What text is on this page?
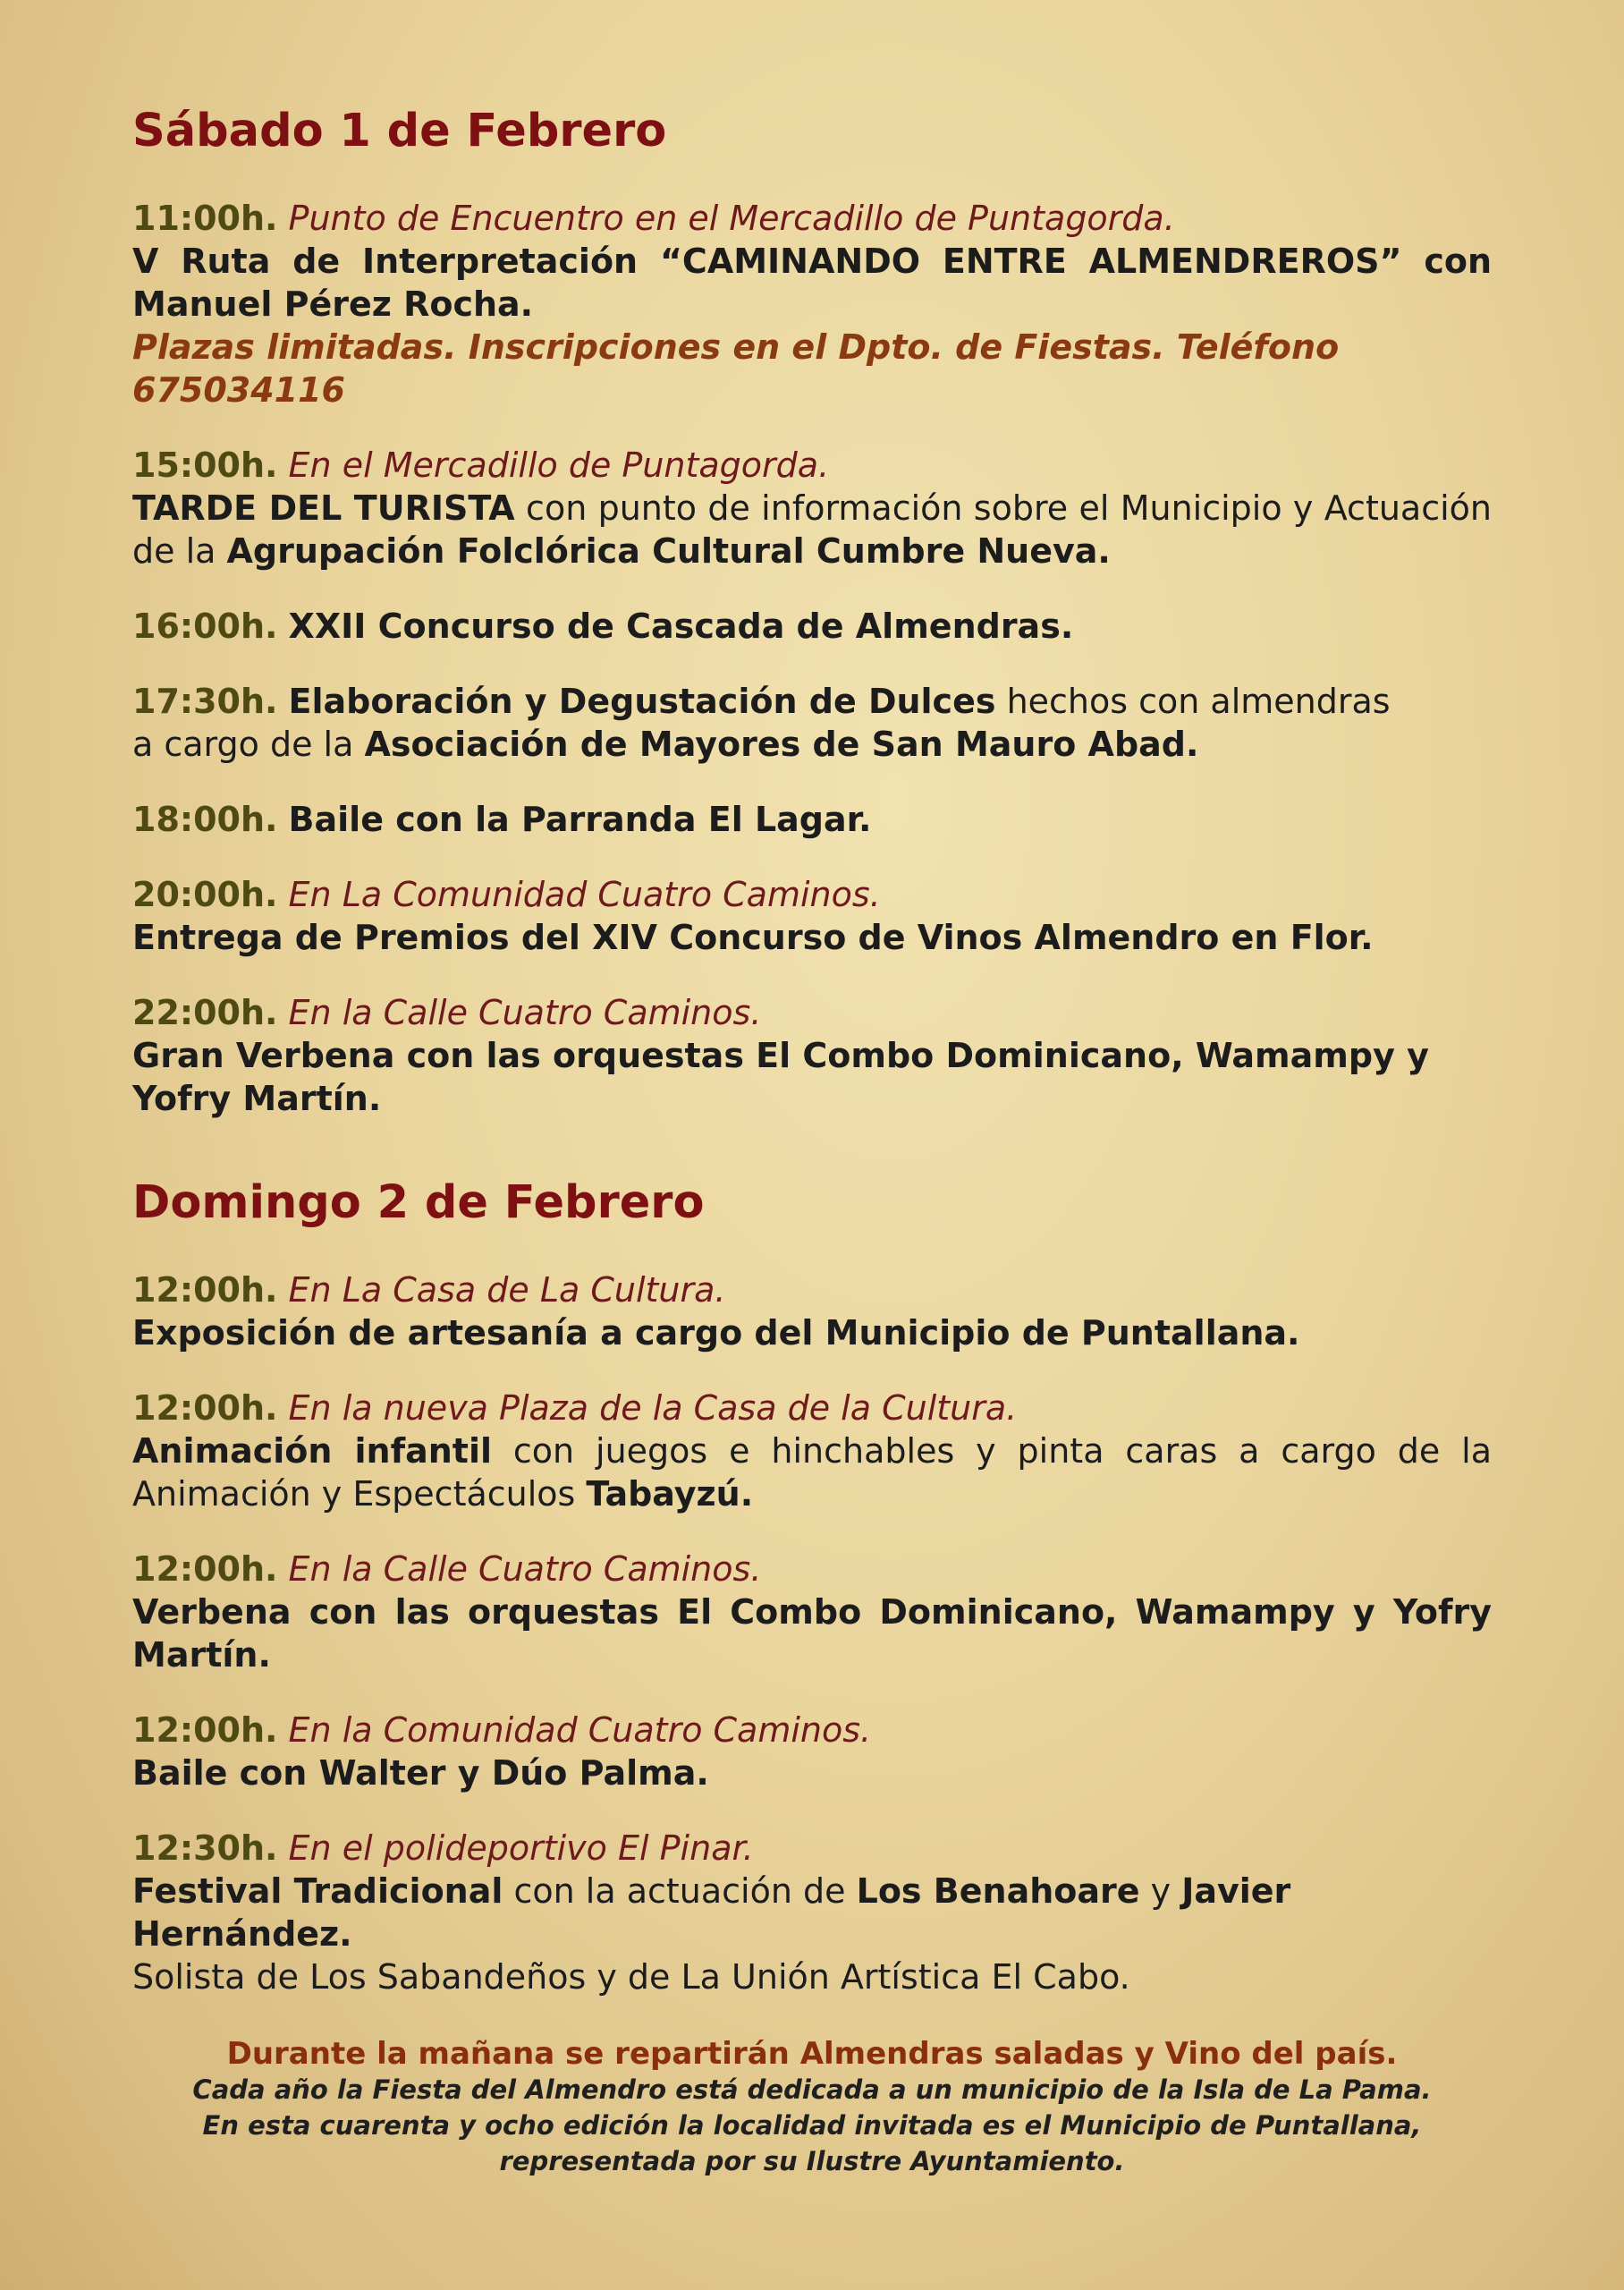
Sábado 1 de Febrero
11:00h. Punto de Encuentro en el Mercadillo de Puntagorda.
V Ruta de Interpretación “CAMINANDO ENTRE ALMENDREROS” con Manuel Pérez Rocha.
Plazas limitadas. Inscripciones en el Dpto. de Fiestas. Teléfono 675034116
15:00h. En el Mercadillo de Puntagorda.
TARDE DEL TURISTA con punto de información sobre el Municipio y Actuación de la Agrupación Folclórica Cultural Cumbre Nueva.
16:00h. XXII Concurso de Cascada de Almendras.
17:30h. Elaboración y Degustación de Dulces hechos con almendras a cargo de la Asociación de Mayores de San Mauro Abad.
18:00h. Baile con la Parranda El Lagar.
20:00h. En La Comunidad Cuatro Caminos.
Entrega de Premios del XIV Concurso de Vinos Almendro en Flor.
22:00h. En la Calle Cuatro Caminos.
Gran Verbena con las orquestas El Combo Dominicano, Wamampy y Yofry Martín.
Domingo 2 de Febrero
12:00h. En La Casa de La Cultura.
Exposición de artesanía a cargo del Municipio de Puntallana.
12:00h. En la nueva Plaza de la Casa de la Cultura.
Animación infantil con juegos e hinchables y pinta caras a cargo de la Animación y Espectáculos Tabayzú.
12:00h. En la Calle Cuatro Caminos.
Verbena con las orquestas El Combo Dominicano, Wamampy y Yofry Martín.
12:00h. En la Comunidad Cuatro Caminos.
Baile con Walter y Dúo Palma.
12:30h. En el polideportivo El Pinar.
Festival Tradicional con la actuación de Los Benahoare y Javier Hernández.
Solista de Los Sabandeños y de La Unión Artística El Cabo.
Durante la mañana se repartirán Almendras saladas y Vino del país.
Cada año la Fiesta del Almendro está dedicada a un municipio de la Isla de La Pama.
En esta cuarenta y ocho edición la localidad invitada es el Municipio de Puntallana,
representada por su Ilustre Ayuntamiento.
